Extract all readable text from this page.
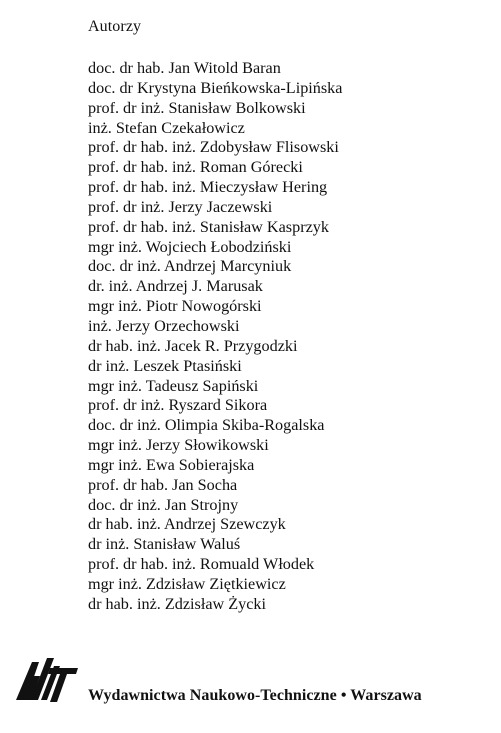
Autorzy
doc. dr hab. Jan Witold Baran
doc. dr Krystyna Bieńkowska-Lipińska
prof. dr inż. Stanisław Bolkowski
inż. Stefan Czekałowicz
prof. dr hab. inż. Zdobysław Flisowski
prof. dr hab. inż. Roman Górecki
prof. dr hab. inż. Mieczysław Hering
prof. dr inż. Jerzy Jaczewski
prof. dr hab. inż. Stanisław Kasprzyk
mgr inż. Wojciech Łobodziński
doc. dr inż. Andrzej Marcyniuk
dr. inż. Andrzej J. Marusak
mgr inż. Piotr Nowogórski
inż. Jerzy Orzechowski
dr hab. inż. Jacek R. Przygodzki
dr inż. Leszek Ptasiński
mgr inż. Tadeusz Sapiński
prof. dr inż. Ryszard Sikora
doc. dr inż. Olimpia Skiba-Rogalska
mgr inż. Jerzy Słowikowski
mgr inż. Ewa Sobierajska
prof. dr hab. Jan Socha
doc. dr inż. Jan Strojny
dr hab. inż. Andrzej Szewczyk
dr inż. Stanisław Waluś
prof. dr hab. inż. Romuald Włodek
mgr inż. Zdzisław Ziętkiewicz
dr hab. inż. Zdzisław Życki
Wydawnictwa Naukowo-Techniczne • Warszawa
